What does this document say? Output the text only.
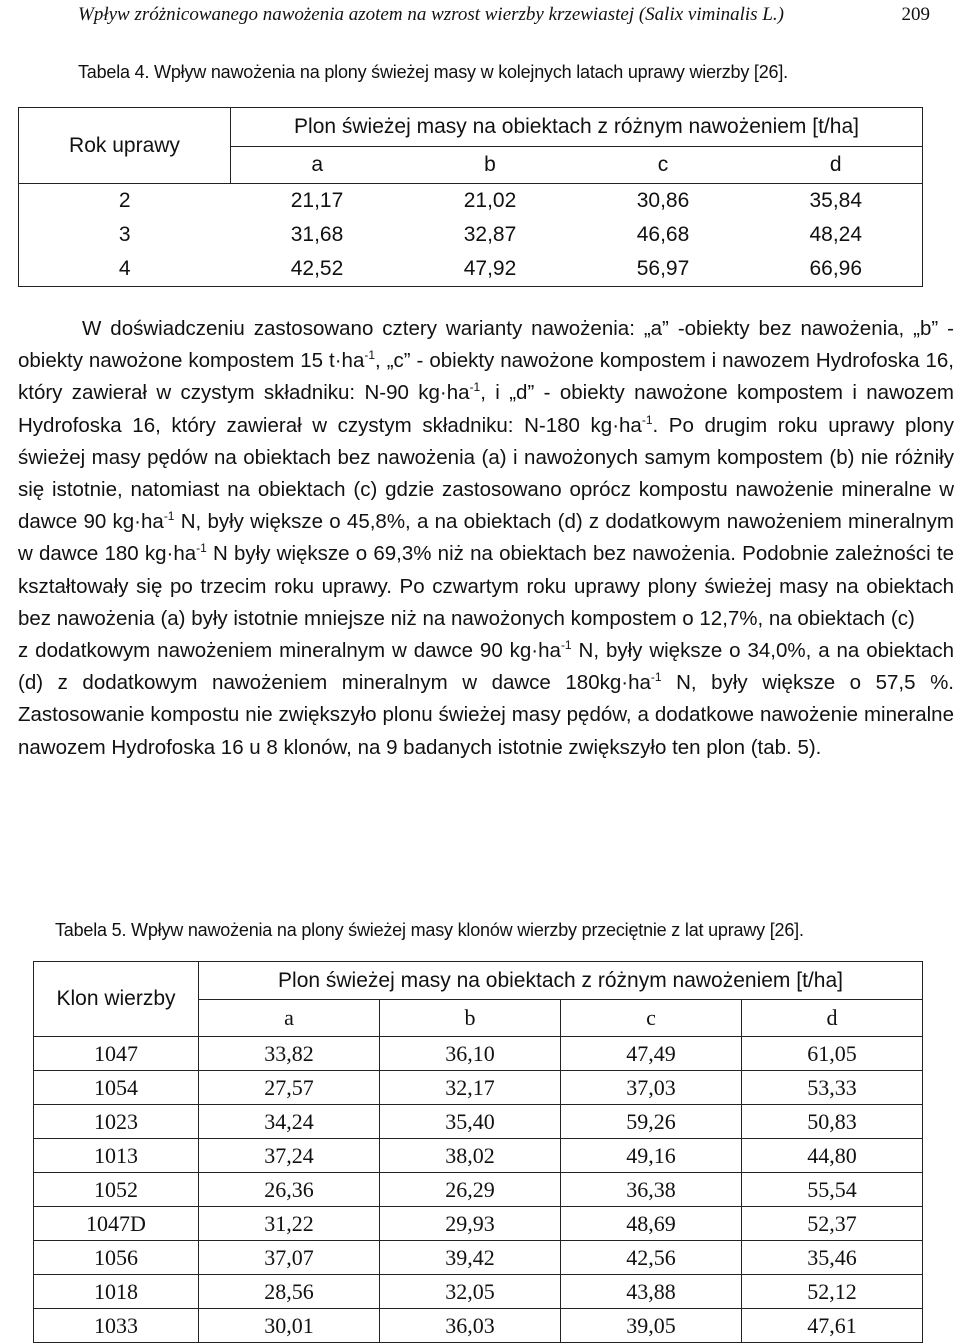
Wpływ zróżnicowanego nawożenia azotem na wzrost wierzby krzewiastej (Salix viminalis L.)	209
Tabela 4. Wpływ nawożenia na plony świeżej masy w kolejnych latach uprawy wierzby [26].
Rok uprawy	Plon świeżej masy na obiektach z różnym nawożeniem [t/ha]			
	a	b	c	d
2	21,17	21,02	30,86	35,84
3	31,68	32,87	46,68	48,24
4	42,52	47,92	56,97	66,96

W doświadczeniu zastosowano cztery warianty nawożenia: „a” -obiekty bez nawożenia, „b” - obiekty nawożone kompostem 15 $t\cdot ha^{-1}$, „c” - obiekty nawożone kompostem i nawozem Hydrofoska 16, który zawierał w czystym składniku: N-90 $kg\cdot ha^{-1}$, i „d” - obiekty nawożone kompostem i nawozem Hydrofoska 16, który zawierał w czystym składniku: N-180 $kg\cdot ha^{-1}$. Po drugim roku uprawy plony świeżej masy pędów na obiektach bez nawożenia (a) i nawożonych samym kompostem (b) nie różniły się istotnie, natomiast na obiektach (c) gdzie zastosowano oprócz kompostu nawożenie mineralne w dawce 90 $kg\cdot ha^{-1}$ N, były większe o 45,8%, a na obiektach (d) z dodatkowym nawożeniem mineralnym w dawce 180 $kg\cdot ha^{-1}$ N były większe o 69,3% niż na obiektach bez nawożenia. Podobnie zależności te kształtowały się po trzecim roku uprawy. Po czwartym roku uprawy plony świeżej masy na obiektach bez nawożenia (a) były istotnie mniejsze niż na nawożonych kompostem o 12,7%, na obiektach (c)

z dodatkowym nawożeniem mineralnym w dawce 90 $kg\cdot ha^{-1}$ N, były większe o 34,0%, a na obiektach (d) z dodatkowym nawożeniem mineralnym w dawce $180kg\cdot ha^{-1}$ N, były większe o 57,5 %. Zastosowanie kompostu nie zwiększyło plonu świeżej masy pędów, a dodatkowe nawożenie mineralne nawozem Hydrofoska 16 u 8 klonów, na 9 badanych istotnie zwiększyło ten plon (tab. 5).

Tabela 5. Wpływ nawożenia na plony świeżej masy klonów wierzby przeciętnie z lat uprawy [26].
Klon wierzby	Plon świeżej masy na obiektach z różnym nawożeniem [t/ha]			
	a	b	c	d
1047	33,82	36,10	47,49	61,05
1054	27,57	32,17	37,03	53,33
1023	34,24	35,40	59,26	50,83
1013	37,24	38,02	49,16	44,80
1052	26,36	26,29	36,38	55,54
1047D	31,22	29,93	48,69	52,37
1056	37,07	39,42	42,56	35,46
1018	28,56	32,05	43,88	52,12
1033	30,01	36,03	39,05	47,61
